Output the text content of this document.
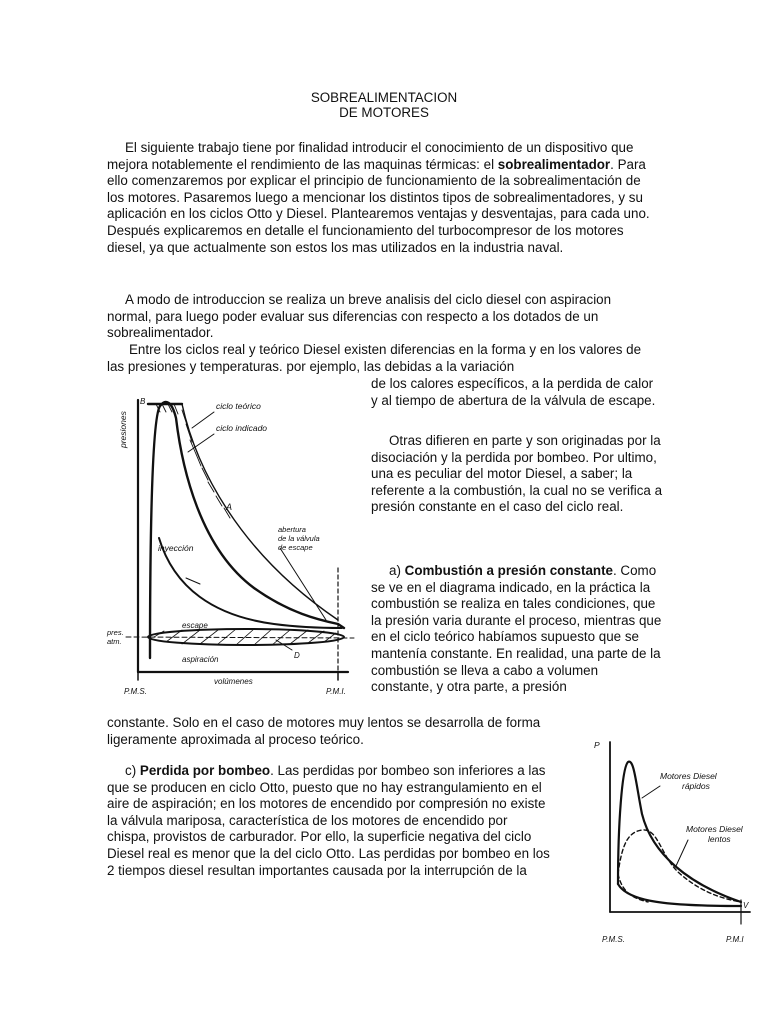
SOBREALIMENTACION
DE MOTORES

El siguiente trabajo tiene por finalidad introducir el conocimiento de un dispositivo que mejora notablemente el rendimiento de las maquinas térmicas: el sobrealimentador. Para ello comenzaremos por explicar el principio de funcionamiento de la sobrealimentación de los motores. Pasaremos luego a mencionar los distintos tipos de sobrealimentadores, y su aplicación en los ciclos Otto y Diesel. Plantearemos ventajas y desventajas, para cada uno. Después explicaremos en detalle el funcionamiento del turbocompresor de los motores diesel, ya que actualmente son estos los mas utilizados en la industria naval.

A modo de introduccion se realiza un breve analisis del ciclo diesel con aspiracion normal, para luego poder evaluar sus diferencias con respecto a los dotados de un sobrealimentador.

Entre los ciclos real y teórico Diesel existen diferencias en la forma y en los valores de las presiones y temperaturas. por ejemplo, las debidas a la variación

de los calores específicos, a la perdida de calor y al tiempo de abertura de la válvula de escape.

Otras difieren en parte y son originadas por la disociación y la perdida por bombeo. Por ultimo, una es peculiar del motor Diesel, a saber; la referente a la combustión, la cual no se verifica a presión constante en el caso del ciclo real.

a) Combustión a presión constante. Como se ve en el diagrama indicado, en la práctica la combustión se realiza en tales condiciones, que la presión varia durante el proceso, mientras que en el ciclo teórico habíamos supuesto que se mantenía constante. En realidad, una parte de la combustión se lleva a cabo a volumen constante, y otra parte, a presión

constante. Solo en el caso de motores muy lentos se desarrolla de forma ligeramente aproximada al proceso teórico.

c) Perdida por bombeo. Las perdidas por bombeo son inferiores a las que se producen en ciclo Otto, puesto que no hay estrangulamiento en el aire de aspiración; en los motores de encendido por compresión no existe la válvula mariposa, característica de los motores de encendido por chispa, provistos de carburador. Por ello, la superficie negativa del ciclo Diesel real es menor que la del ciclo Otto. Las perdidas por bombeo en los 2 tiempos diesel resultan importantes causada por la interrupción de la

presiones
ciclo teórico
ciclo indicado
B
A
inyección
abertura
de la válvula
de escape
escape
aspiración	D
pres.
atm.
volúmenes
P.M.S.	P.M.I.
P
V
Motores Diesel
rápidos
Motores Diesel
lentos
P.M.S.	P.M.I
